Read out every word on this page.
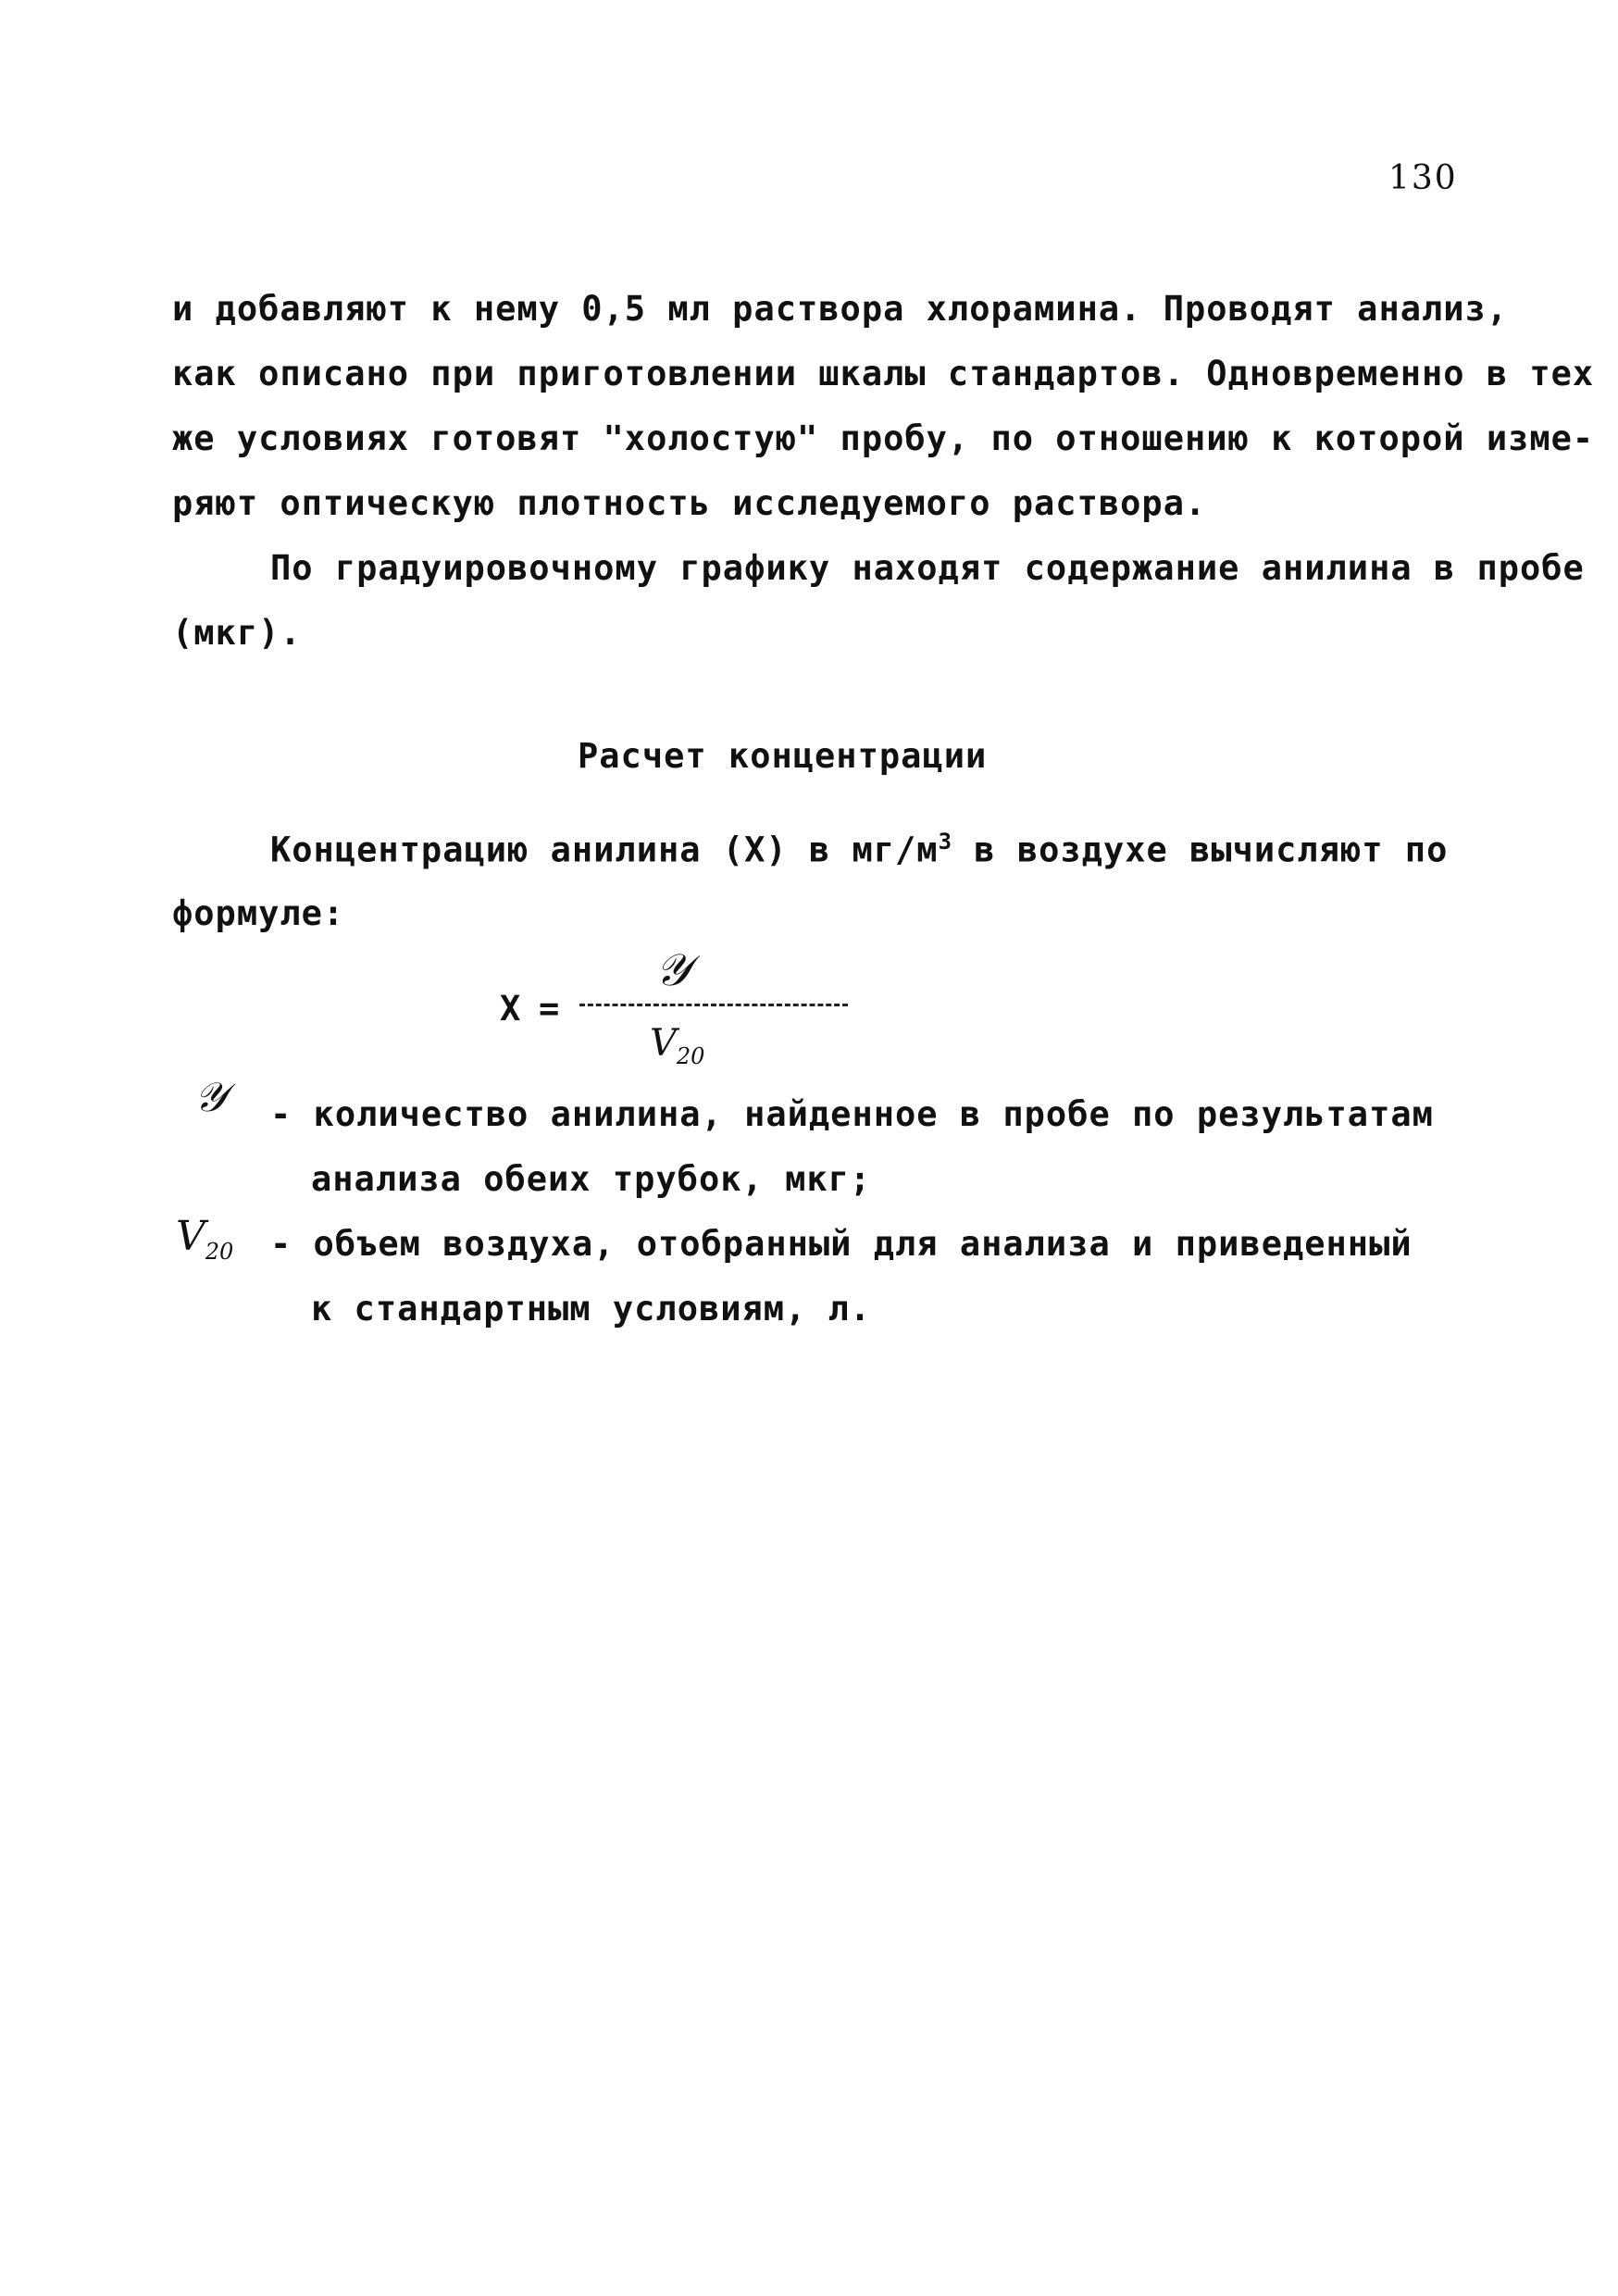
130
и добавляют к нему 0,5 мл раствора хлорамина. Проводят анализ,
как описано при приготовлении шкалы стандартов. Одновременно в тех
же условиях готовят "холостую" пробу, по отношению к которой изме-
ряют оптическую плотность исследуемого раствора.
По градуировочному графику находят содержание анилина в пробе
(мкг).
Расчет концентрации
Концентрацию анилина (X) в $мг/м^3$ в воздухе вычисляют по
формуле:
X =
𝒴
$V_{20}$
𝒴 - количество анилина, найденное в пробе по результатам
анализа обеих трубок, мкг;
$V_{20}$ - объем воздуха, отобранный для анализа и приведенный
к стандартным условиям, л.
